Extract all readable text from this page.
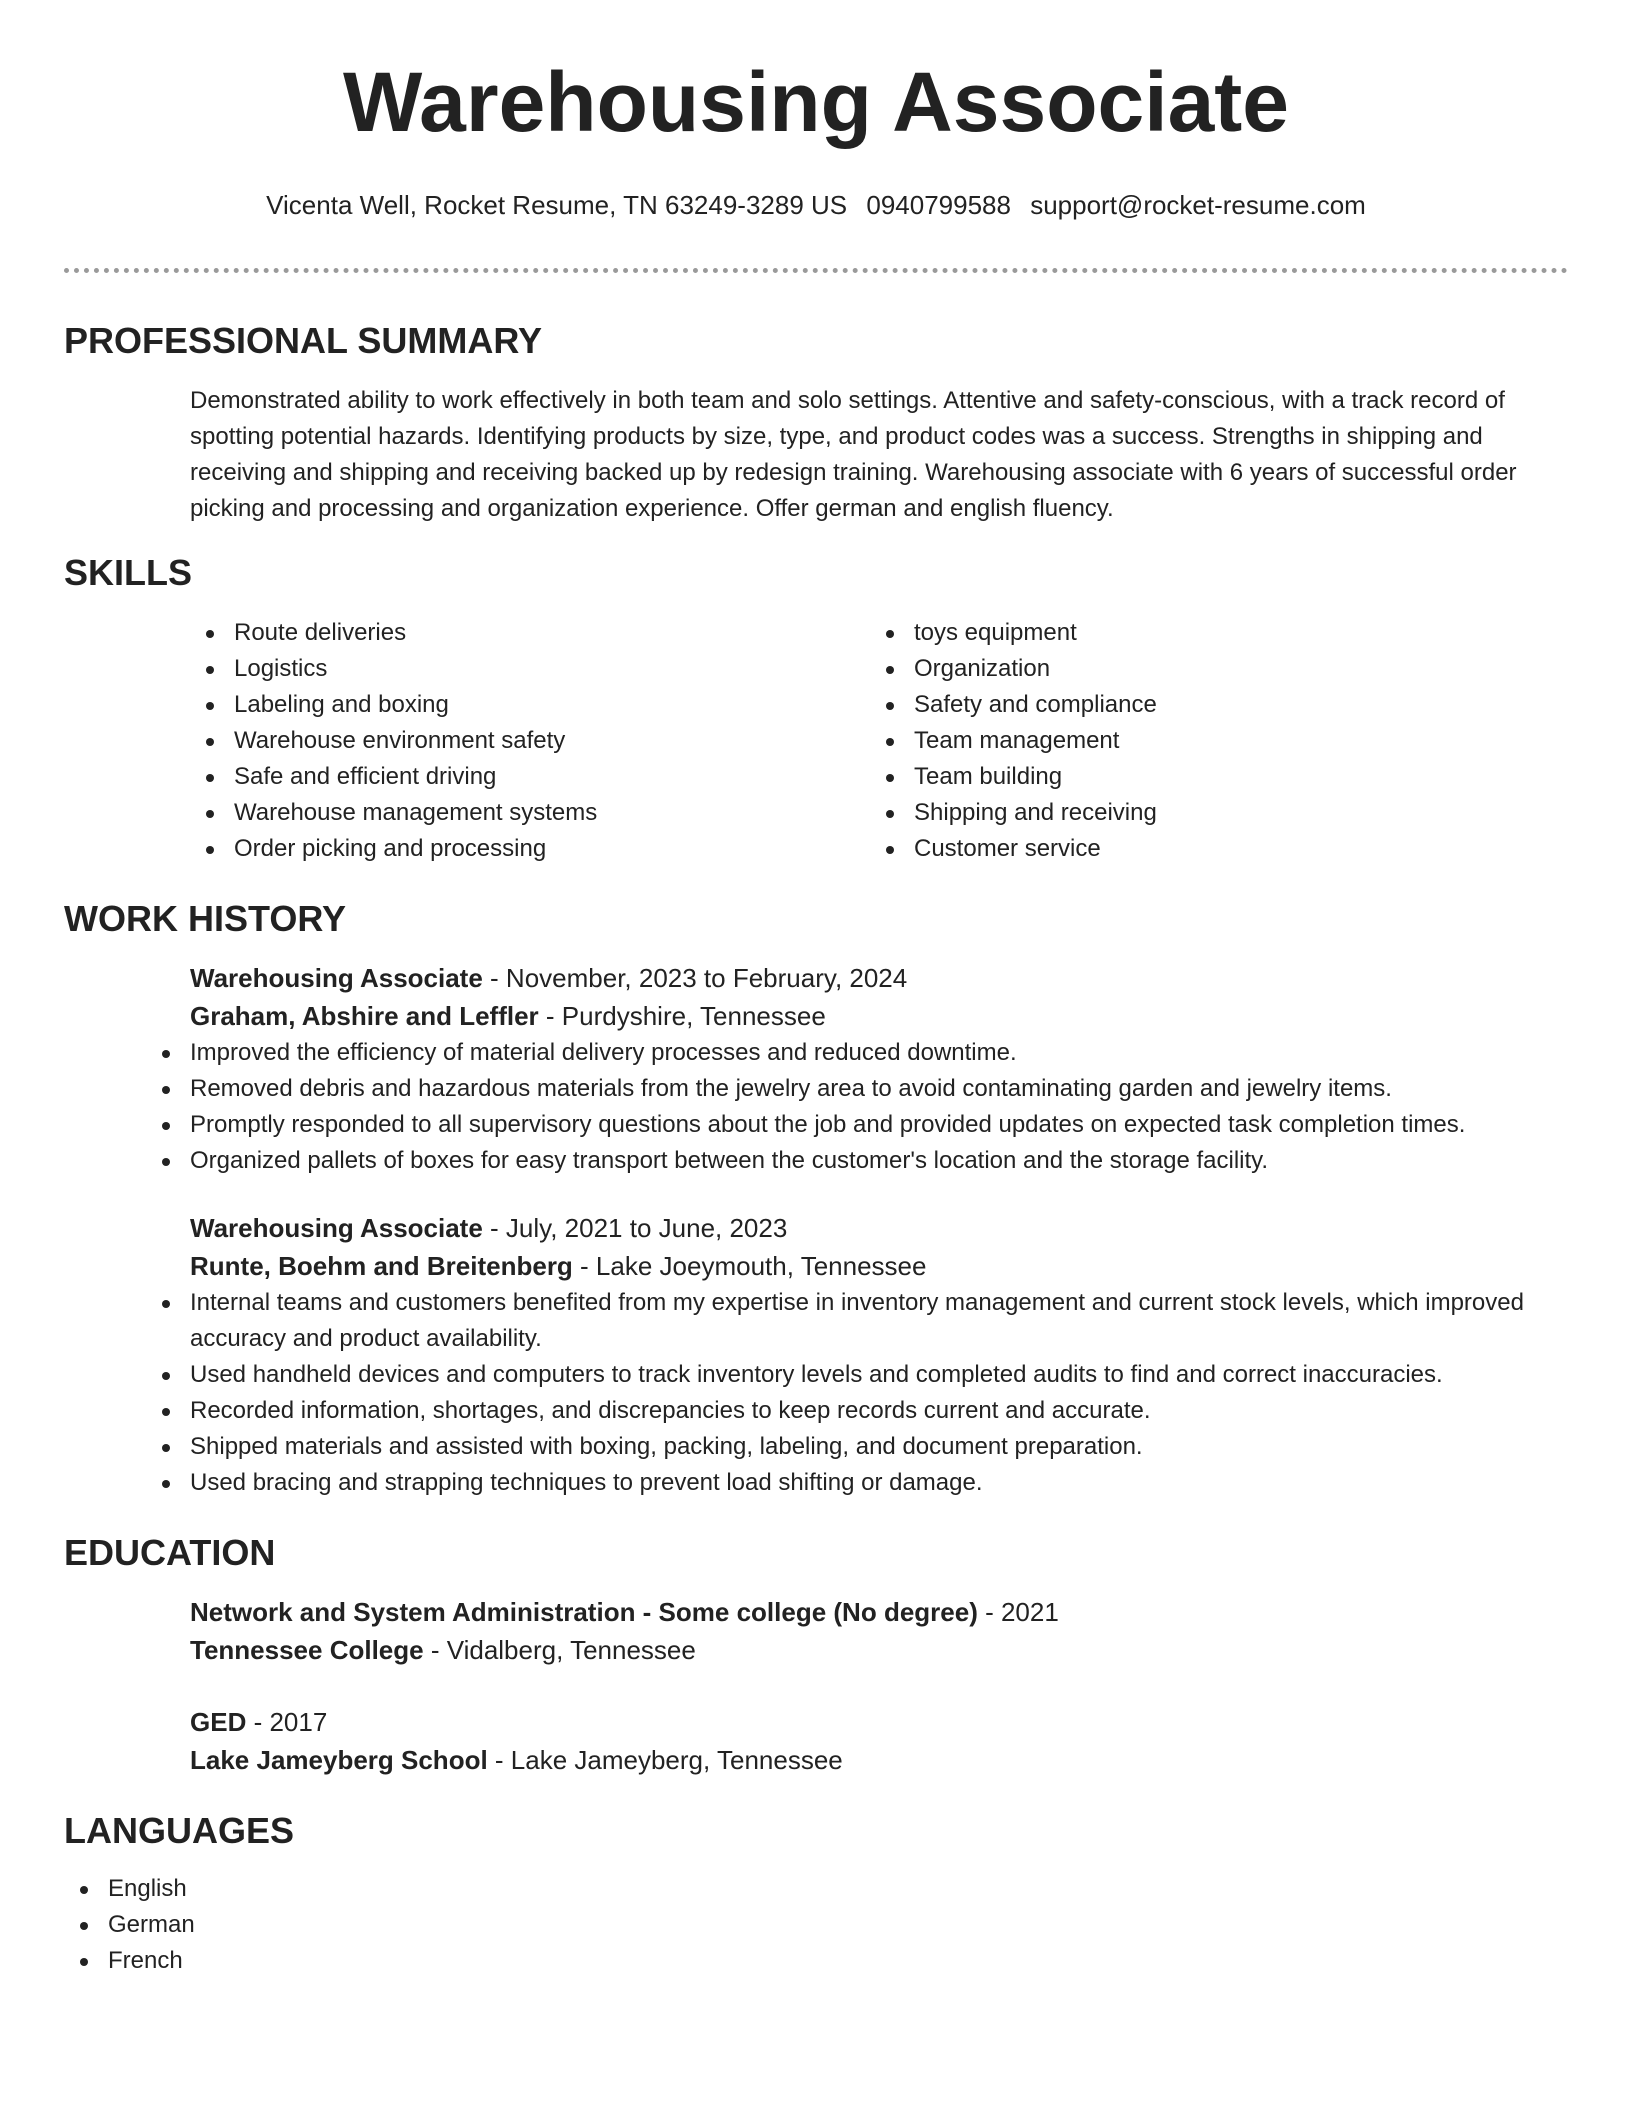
Warehousing Associate
Vicenta Well, Rocket Resume, TN 63249-3289 US 0940799588 support@rocket-resume.com
PROFESSIONAL SUMMARY

Demonstrated ability to work effectively in both team and solo settings. Attentive and safety-conscious, with a track record of spotting potential hazards. Identifying products by size, type, and product codes was a success. Strengths in shipping and receiving and shipping and receiving backed up by redesign training. Warehousing associate with 6 years of successful order picking and processing and organization experience. Offer german and english fluency.

SKILLS
Route deliveries
Logistics
Labeling and boxing
Warehouse environment safety
Safe and efficient driving
Warehouse management systems
Order picking and processing
toys equipment
Organization
Safety and compliance
Team management
Team building
Shipping and receiving
Customer service
WORK HISTORY
Warehousing Associate - November, 2023 to February, 2024
Graham, Abshire and Leffler - Purdyshire, Tennessee
Improved the efficiency of material delivery processes and reduced downtime.
Removed debris and hazardous materials from the jewelry area to avoid contaminating garden and jewelry items.
Promptly responded to all supervisory questions about the job and provided updates on expected task completion times.
Organized pallets of boxes for easy transport between the customer's location and the storage facility.
Warehousing Associate - July, 2021 to June, 2023
Runte, Boehm and Breitenberg - Lake Joeymouth, Tennessee
Internal teams and customers benefited from my expertise in inventory management and current stock levels, which improved accuracy and product availability.
Used handheld devices and computers to track inventory levels and completed audits to find and correct inaccuracies.
Recorded information, shortages, and discrepancies to keep records current and accurate.
Shipped materials and assisted with boxing, packing, labeling, and document preparation.
Used bracing and strapping techniques to prevent load shifting or damage.
EDUCATION
Network and System Administration - Some college (No degree) - 2021
Tennessee College - Vidalberg, Tennessee
GED - 2017
Lake Jameyberg School - Lake Jameyberg, Tennessee
LANGUAGES
English
German
French
